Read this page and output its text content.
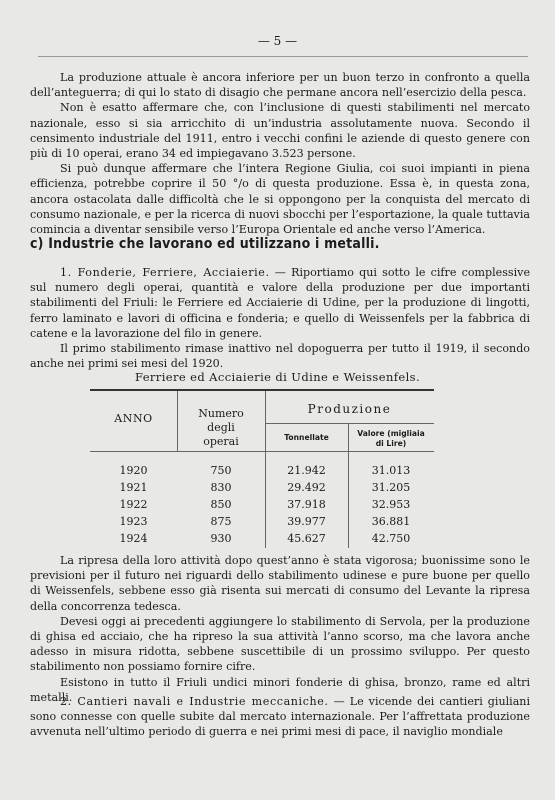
— 5 —

La produzione attuale è ancora inferiore per un buon terzo in confronto a quella dell’anteguerra; di qui lo stato di disagio che permane ancora nell’esercizio della pesca.

Non è esatto affermare che, con l’inclusione di questi stabilimenti nel mercato nazionale, esso si sia arricchito di un’industria assolutamente nuova. Secondo il censimento industriale del 1911, entro i vecchi confini le aziende di questo genere con più di 10 operai, erano 34 ed impiegavano 3.523 persone.

Si può dunque affermare che l’intera Regione Giulia, coi suoi impianti in piena efficienza, potrebbe coprire il 50 °/o di questa produzione. Essa è, in questa zona, ancora ostacolata dalle difficoltà che le si oppongono per la conquista del mercato di consumo nazionale, e per la ricerca di nuovi sbocchi per l’esportazione, la quale tuttavia comincia a diventar sensibile verso l’Europa Orientale ed anche verso l’America.

c) Industrie che lavorano ed utilizzano i metalli.

1. Fonderie, Ferriere, Acciaierie. — Riportiamo qui sotto le cifre complessive sul numero degli operai, quantità e valore della produzione per due importanti stabilimenti del Friuli: le Ferriere ed Acciaierie di Udine, per la produzione di lingotti, ferro laminato e lavori di officina e fonderia; e quello di Weissenfels per la fabbrica di catene e la lavorazione del filo in genere.

Il primo stabilimento rimase inattivo nel dopoguerra per tutto il 1919, il secondo anche nei primi sei mesi del 1920.

Ferriere ed Acciaierie di Udine e Weissenfels.
ANNO	Numero degli operai
Produzione
Tonnellate	Valore (migliaia di Lire)
1920	750	21.942	31.013
1921	830	29.492	31.205
1922	850	37.918	32.953
1923	875	39.977	36.881
1924	930	45.627	42.750

La ripresa della loro attività dopo quest’anno è stata vigorosa; buonissime sono le previsioni per il futuro nei riguardi dello stabilimento udinese e pure buone per quello di Weissenfels, sebbene esso già risenta sui mercati di consumo del Levante la ripresa della concorrenza tedesca.

Devesi oggi ai precedenti aggiungere lo stabilimento di Servola, per la produzione di ghisa ed acciaio, che ha ripreso la sua attività l’anno scorso, ma che lavora anche adesso in misura ridotta, sebbene suscettibile di un prossimo sviluppo. Per questo stabilimento non possiamo fornire cifre.

Esistono in tutto il Friuli undici minori fonderie di ghisa, bronzo, rame ed altri metalli.

2. Cantieri navali e Industrie meccaniche. — Le vicende dei cantieri giuliani sono connesse con quelle subite dal mercato internazionale. Per l’affrettata produzione avvenuta nell’ultimo periodo di guerra e nei primi mesi di pace, il naviglio mondiale
